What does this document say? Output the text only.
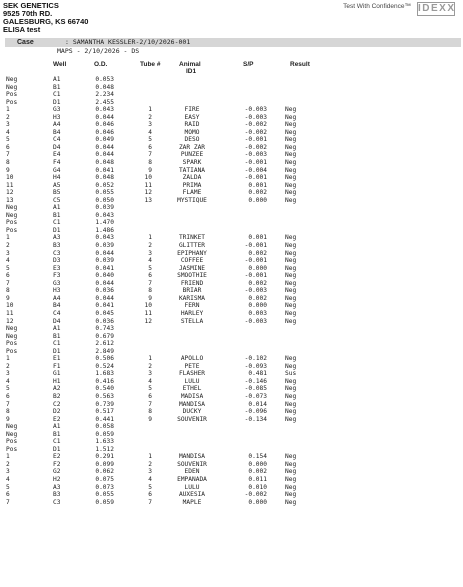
SEK GENETICS
9525 70th RD.
GALESBURG, KS 66740
ELISA test
Test With Confidence™ IDEXX
Case	: SAMANTHA KESSLER-2/10/2026-001
MAPS - 2/10/2026 - DS
Well	O.D.	Tube #	Animal
ID1
S/P	Result
Neg	A1	0.053
Neg	B1	0.048
Pos	C1	2.234
Pos	D1	2.455
1	G3	0.043	1	FIRE	-0.003	Neg
2	H3	0.044	2	EASY	-0.003	Neg
3	A4	0.046	3	RAID	-0.002	Neg
4	B4	0.046	4	MOMO	-0.002	Neg
5	C4	0.049	5	DESO	-0.001	Neg
6	D4	0.044	6	ZAR ZAR	-0.002	Neg
7	E4	0.044	7	PUNZEE	-0.003	Neg
8	F4	0.048	8	SPARK	-0.001	Neg
9	G4	0.041	9	TATIANA	-0.004	Neg
10	H4	0.048	10	ZALDA	-0.001	Neg
11	A5	0.052	11	PRIMA	0.001	Neg
12	B5	0.055	12	FLAME	0.002	Neg
13	C5	0.050	13	MYSTIQUE	0.000	Neg
Neg	A1	0.039
Neg	B1	0.043
Pos	C1	1.470
Pos	D1	1.486
1	A3	0.043	1	TRINKET	0.001	Neg
2	B3	0.039	2	GLITTER	-0.001	Neg
3	C3	0.044	3	EPIPHANY	0.002	Neg
4	D3	0.039	4	COFFEE	-0.001	Neg
5	E3	0.041	5	JASMINE	0.000	Neg
6	F3	0.040	6	SMOOTHIE	-0.001	Neg
7	G3	0.044	7	FRIEND	0.002	Neg
8	H3	0.036	8	BRIAR	-0.003	Neg
9	A4	0.044	9	KARISMA	0.002	Neg
10	B4	0.041	10	FERN	0.000	Neg
11	C4	0.045	11	HARLEY	0.003	Neg
12	D4	0.036	12	STELLA	-0.003	Neg
Neg	A1	0.743
Neg	B1	0.679
Pos	C1	2.612
Pos	D1	2.849
1	E1	0.506	1	APOLLO	-0.102	Neg
2	F1	0.524	2	PETE	-0.093	Neg
3	G1	1.683	3	FLASHER	0.481	Sus
4	H1	0.416	4	LULU	-0.146	Neg
5	A2	0.540	5	ETHEL	-0.085	Neg
6	B2	0.563	6	MADISA	-0.073	Neg
7	C2	0.739	7	MANDISA	0.014	Neg
8	D2	0.517	8	DUCKY	-0.096	Neg
9	E2	0.441	9	SOUVENIR	-0.134	Neg
Neg	A1	0.058
Neg	B1	0.059
Pos	C1	1.633
Pos	D1	1.512
1	E2	0.291	1	MANDISA	0.154	Neg
2	F2	0.099	2	SOUVENIR	0.000	Neg
3	G2	0.062	3	EDEN	0.002	Neg
4	H2	0.075	4	EMPANADA	0.011	Neg
5	A3	0.073	5	LULU	0.010	Neg
6	B3	0.055	6	AUXESIA	-0.002	Neg
7	C3	0.059	7	MAPLE	0.000	Neg
